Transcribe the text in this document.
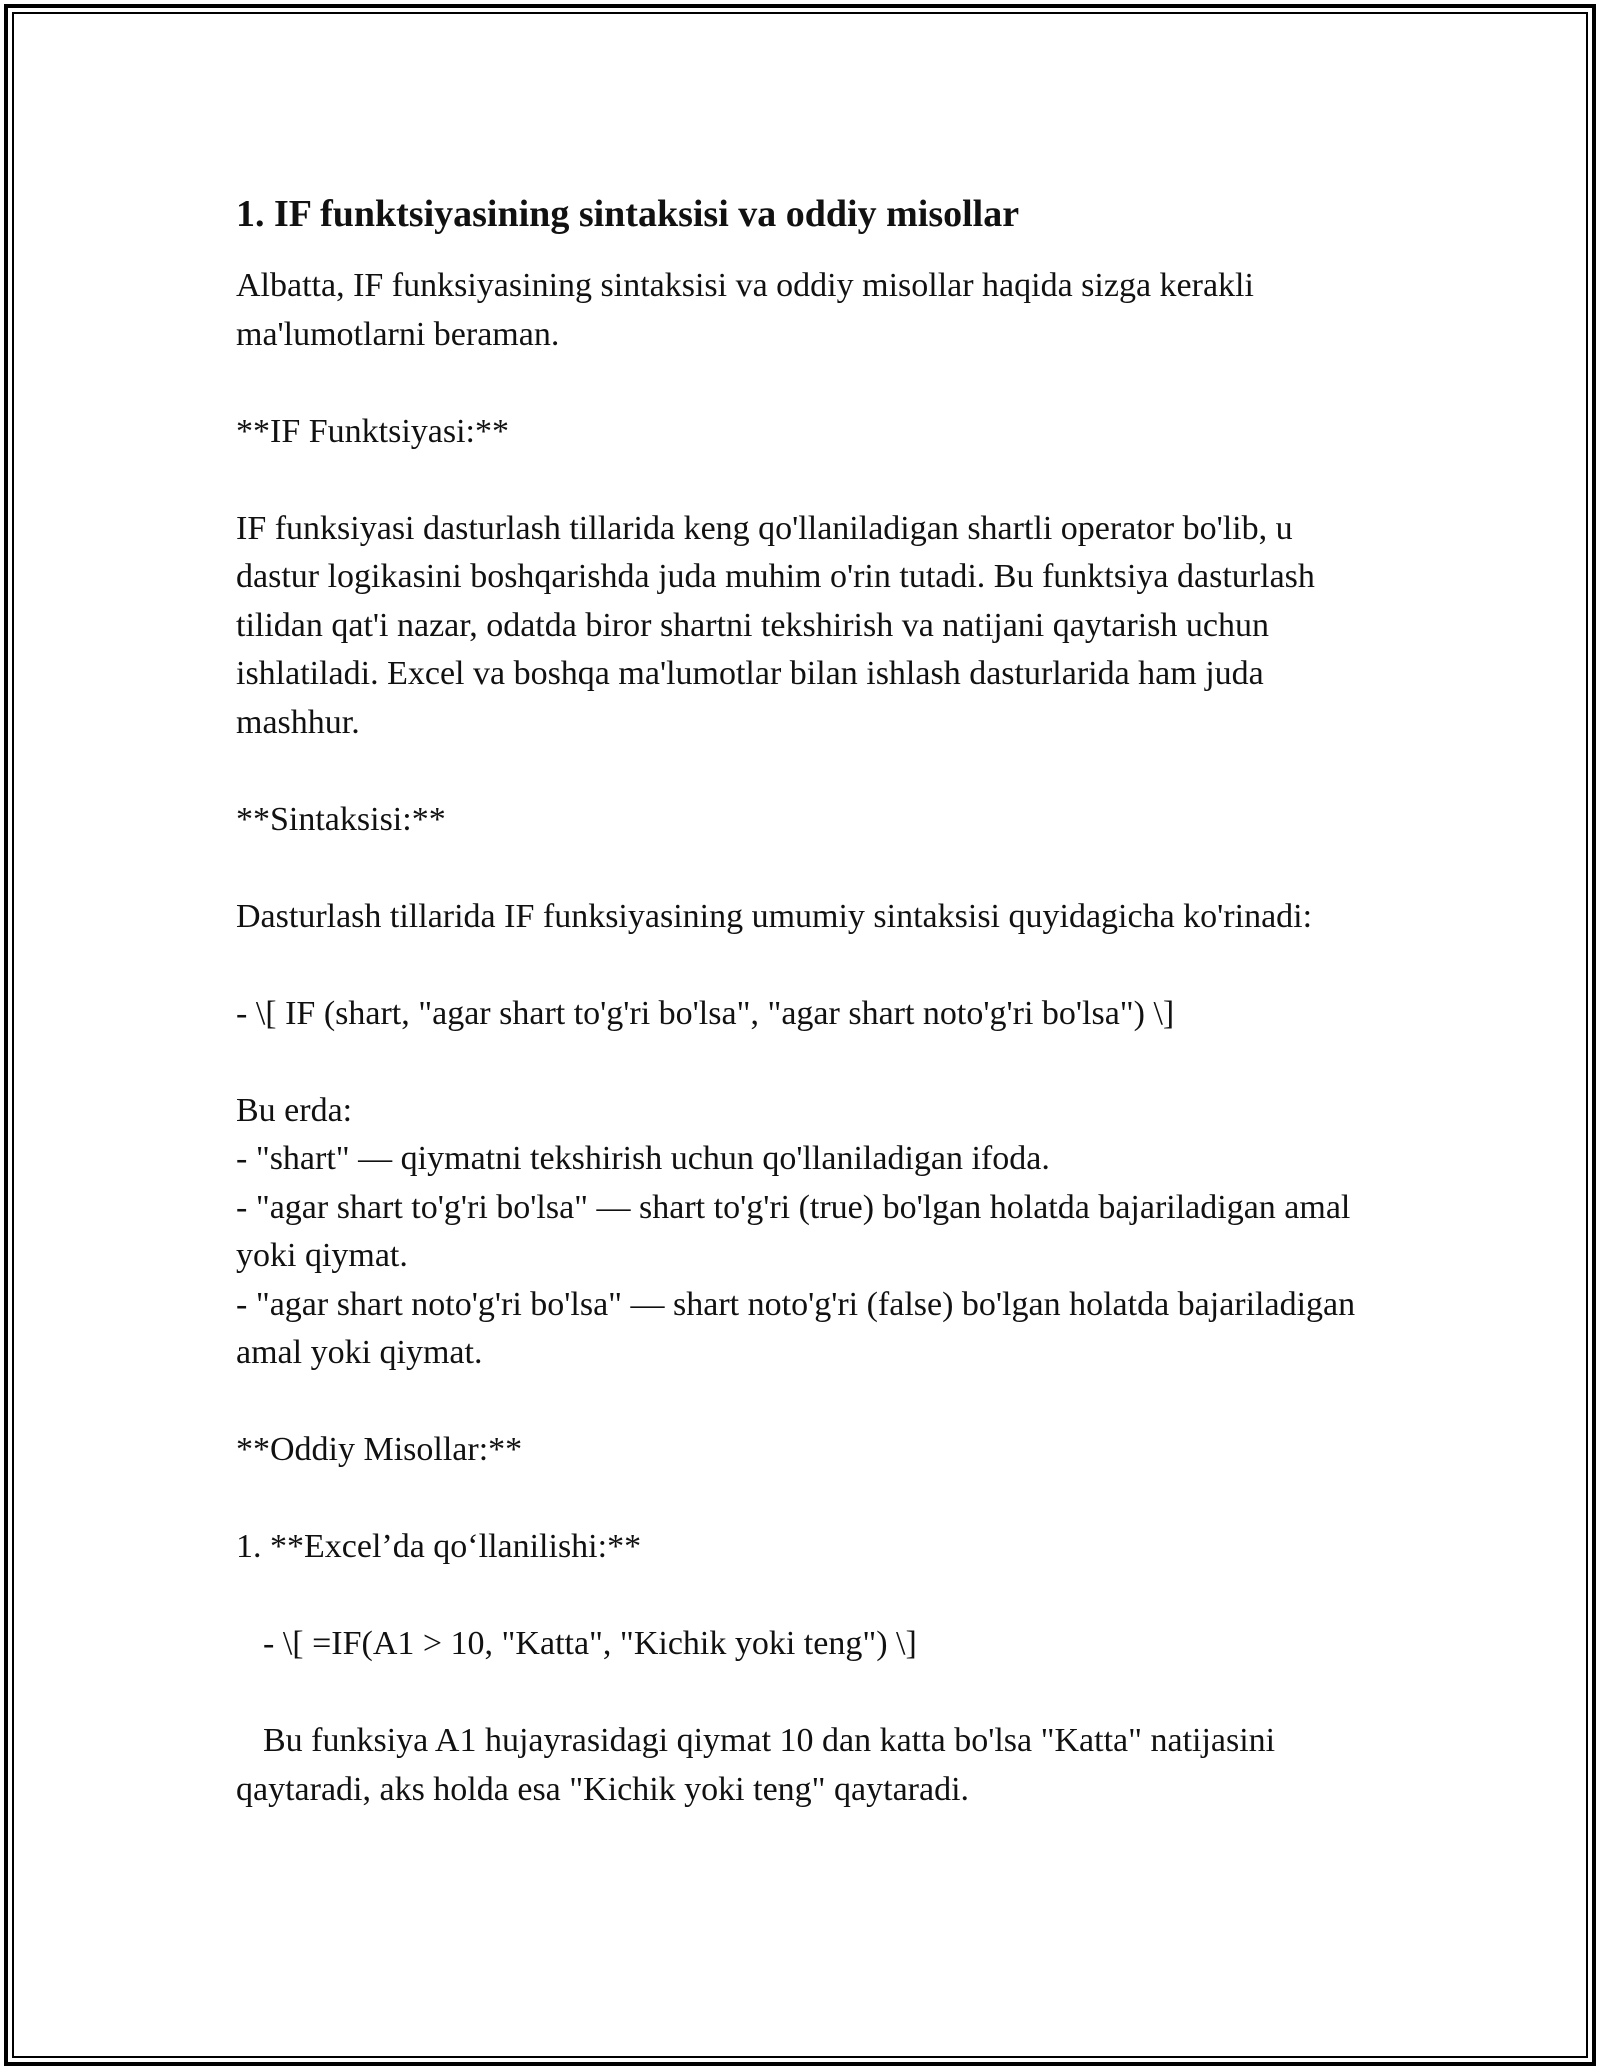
1. IF funktsiyasining sintaksisi va oddiy misollar

Albatta, IF funksiyasining sintaksisi va oddiy misollar haqida sizga kerakli ma'lumotlarni beraman.

**IF Funktsiyasi:**

IF funksiyasi dasturlash tillarida keng qo'llaniladigan shartli operator bo'lib, u dastur logikasini boshqarishda juda muhim o'rin tutadi. Bu funktsiya dasturlash tilidan qat'i nazar, odatda biror shartni tekshirish va natijani qaytarish uchun ishlatiladi. Excel va boshqa ma'lumotlar bilan ishlash dasturlarida ham juda mashhur.

**Sintaksisi:**

Dasturlash tillarida IF funksiyasining umumiy sintaksisi quyidagicha ko'rinadi:

- \[ IF (shart, "agar shart to'g'ri bo'lsa", "agar shart noto'g'ri bo'lsa") \]

Bu erda:
- "shart" — qiymatni tekshirish uchun qo'llaniladigan ifoda.
- "agar shart to'g'ri bo'lsa" — shart to'g'ri (true) bo'lgan holatda bajariladigan amal yoki qiymat.
- "agar shart noto'g'ri bo'lsa" — shart noto'g'ri (false) bo'lgan holatda bajariladigan amal yoki qiymat.

**Oddiy Misollar:**

1. **Excel’da qo‘llanilishi:**

- \[ =IF(A1 > 10, "Katta", "Kichik yoki teng") \]

Bu funksiya A1 hujayrasidagi qiymat 10 dan katta bo'lsa "Katta" natijasini qaytaradi, aks holda esa "Kichik yoki teng" qaytaradi.
